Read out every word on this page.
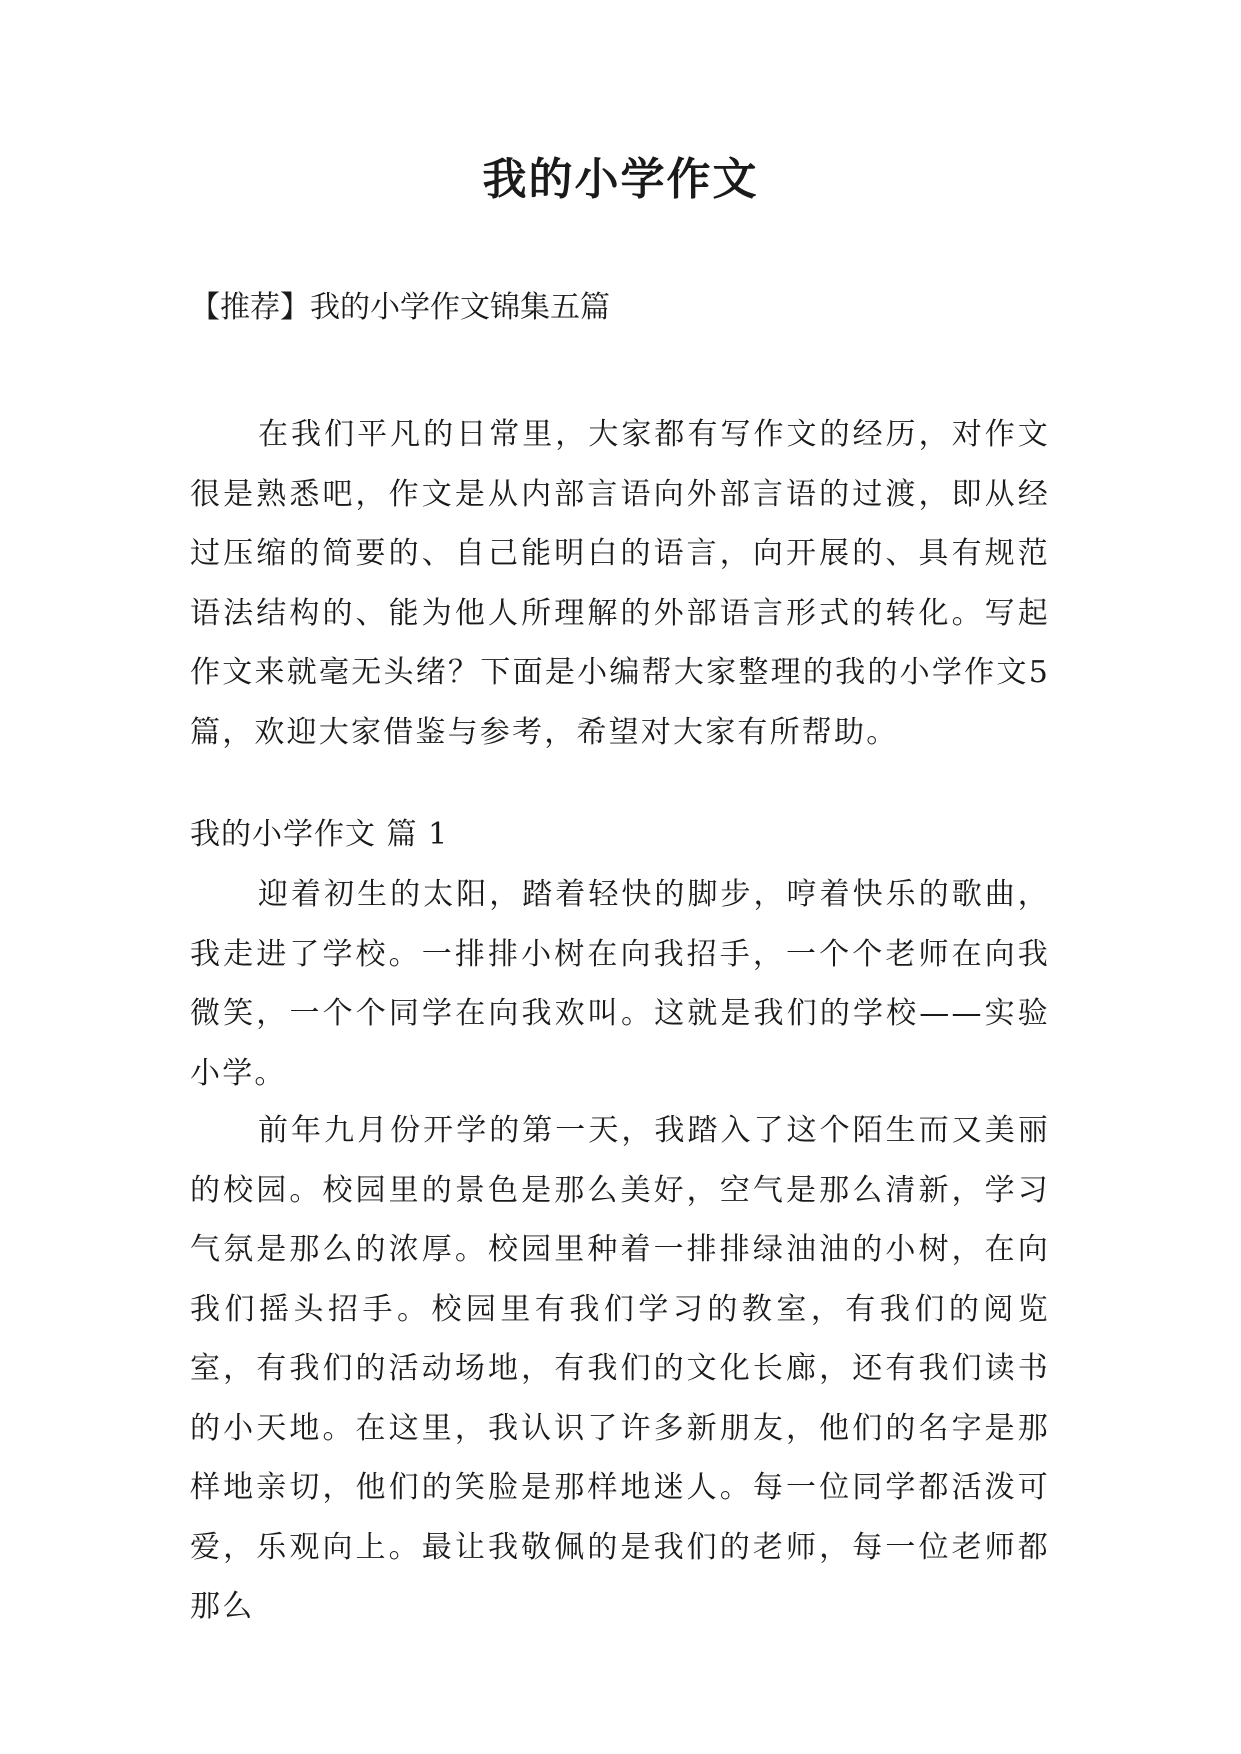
我的小学作文

【推荐】我的小学作文锦集五篇

在我们平凡的日常里，大家都有写作文的经历，对作文很是熟悉吧，作文是从内部言语向外部言语的过渡，即从经过压缩的简要的、自己能明白的语言，向开展的、具有规范语法结构的、能为他人所理解的外部语言形式的转化。写起作文来就毫无头绪？下面是小编帮大家整理的我的小学作文5篇，欢迎大家借鉴与参考，希望对大家有所帮助。

我的小学作文 篇 1

迎着初生的太阳，踏着轻快的脚步，哼着快乐的歌曲，我走进了学校。一排排小树在向我招手，一个个老师在向我微笑，一个个同学在向我欢叫。这就是我们的学校——实验小学。

前年九月份开学的第一天，我踏入了这个陌生而又美丽的校园。校园里的景色是那么美好，空气是那么清新，学习气氛是那么的浓厚。校园里种着一排排绿油油的小树，在向我们摇头招手。校园里有我们学习的教室，有我们的阅览室，有我们的活动场地，有我们的文化长廊，还有我们读书的小天地。在这里，我认识了许多新朋友，他们的名字是那样地亲切，他们的笑脸是那样地迷人。每一位同学都活泼可爱，乐观向上。最让我敬佩的是我们的老师，每一位老师都那么
